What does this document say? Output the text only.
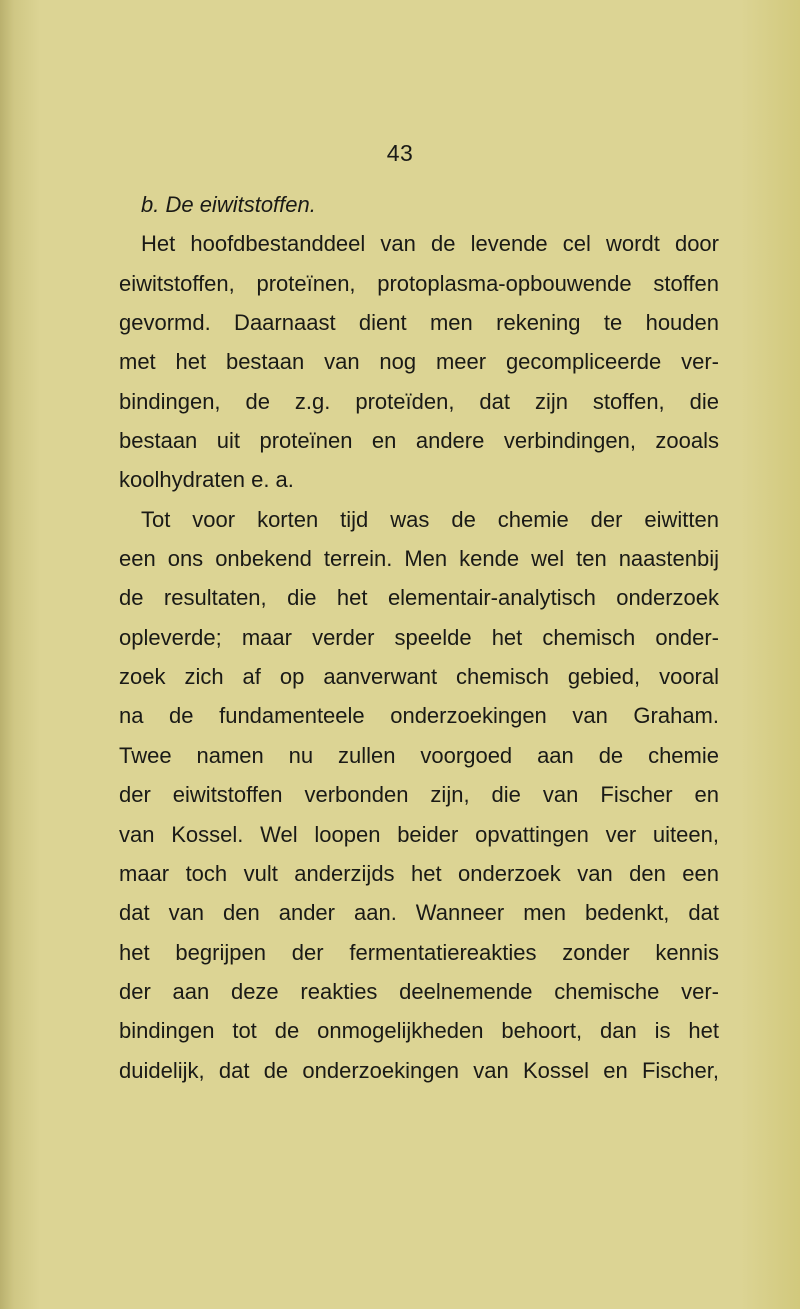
43
b. De eiwitstoffen.
Het hoofdbestanddeel van de levende cel wordt door
eiwitstoffen, proteïnen, protoplasma-opbouwende stoffen
gevormd. Daarnaast dient men rekening te houden
met het bestaan van nog meer gecompliceerde ver-
bindingen, de z.g. proteïden, dat zijn stoffen, die
bestaan uit proteïnen en andere verbindingen, zooals
koolhydraten e. a.
Tot voor korten tijd was de chemie der eiwitten
een ons onbekend terrein. Men kende wel ten naastenbij
de resultaten, die het elementair-analytisch onderzoek
opleverde; maar verder speelde het chemisch onder-
zoek zich af op aanverwant chemisch gebied, vooral
na de fundamenteele onderzoekingen van Graham.
Twee namen nu zullen voorgoed aan de chemie
der eiwitstoffen verbonden zijn, die van Fischer en
van Kossel. Wel loopen beider opvattingen ver uiteen,
maar toch vult anderzijds het onderzoek van den een
dat van den ander aan. Wanneer men bedenkt, dat
het begrijpen der fermentatiereakties zonder kennis
der aan deze reakties deelnemende chemische ver-
bindingen tot de onmogelijkheden behoort, dan is het
duidelijk, dat de onderzoekingen van Kossel en Fischer,
